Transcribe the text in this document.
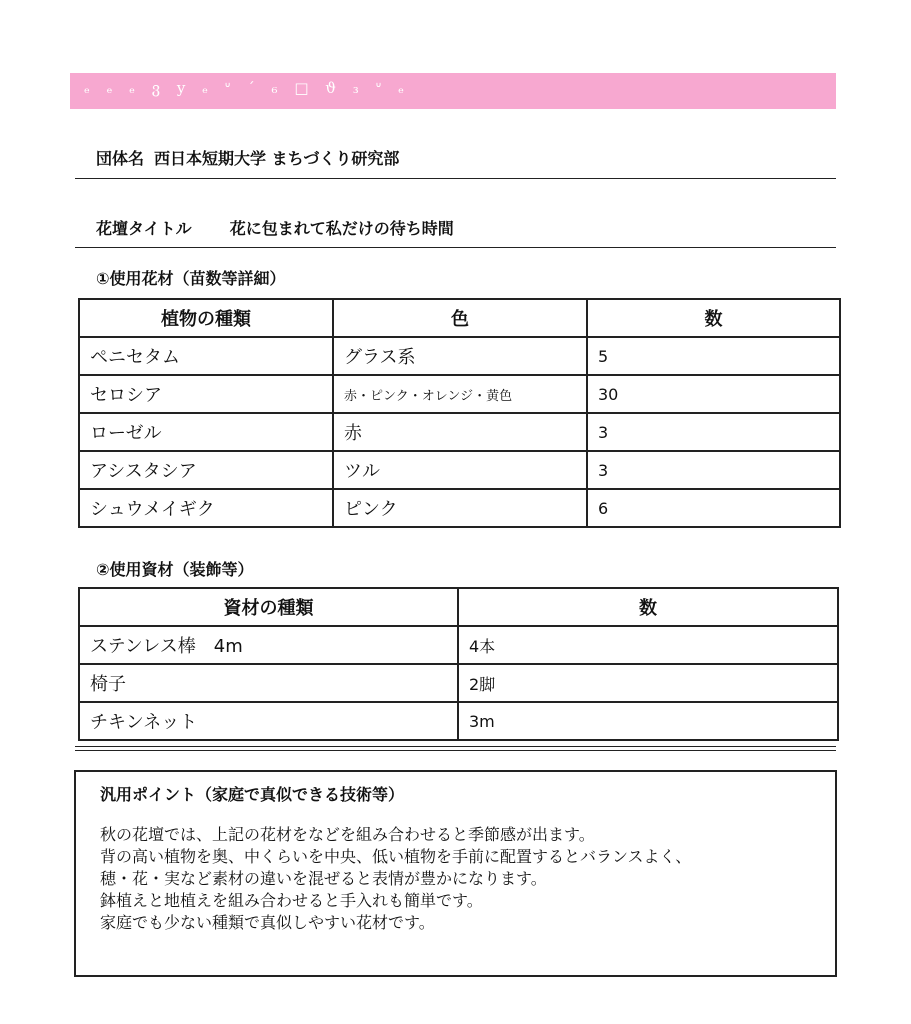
ₑ ₑ ₑ ვ y ₑ ᐡ ˊ ₆ □ ϑ ₃ ᐡ ₑ
団体名 西日本短期大学 まちづくり研究部
花壇タイトル 花に包まれて私だけの待ち時間
①使用花材（苗数等詳細）
植物の種類	色	数
ペニセタム	グラス系	5
セロシア	赤・ピンク・オレンジ・黄色	30
ローゼル	赤	3
アシスタシア	ツル	3
シュウメイギク	ピンク	6
②使用資材（装飾等）
資材の種類	数
ステンレス棒　4m	4本
椅子	2脚
チキンネット	3m
汎用ポイント（家庭で真似できる技術等）
秋の花壇では、上記の花材をなどを組み合わせると季節感が出ます。
背の高い植物を奥、中くらいを中央、低い植物を手前に配置するとバランスよく、
穂・花・実など素材の違いを混ぜると表情が豊かになります。
鉢植えと地植えを組み合わせると手入れも簡単です。
家庭でも少ない種類で真似しやすい花材です。
